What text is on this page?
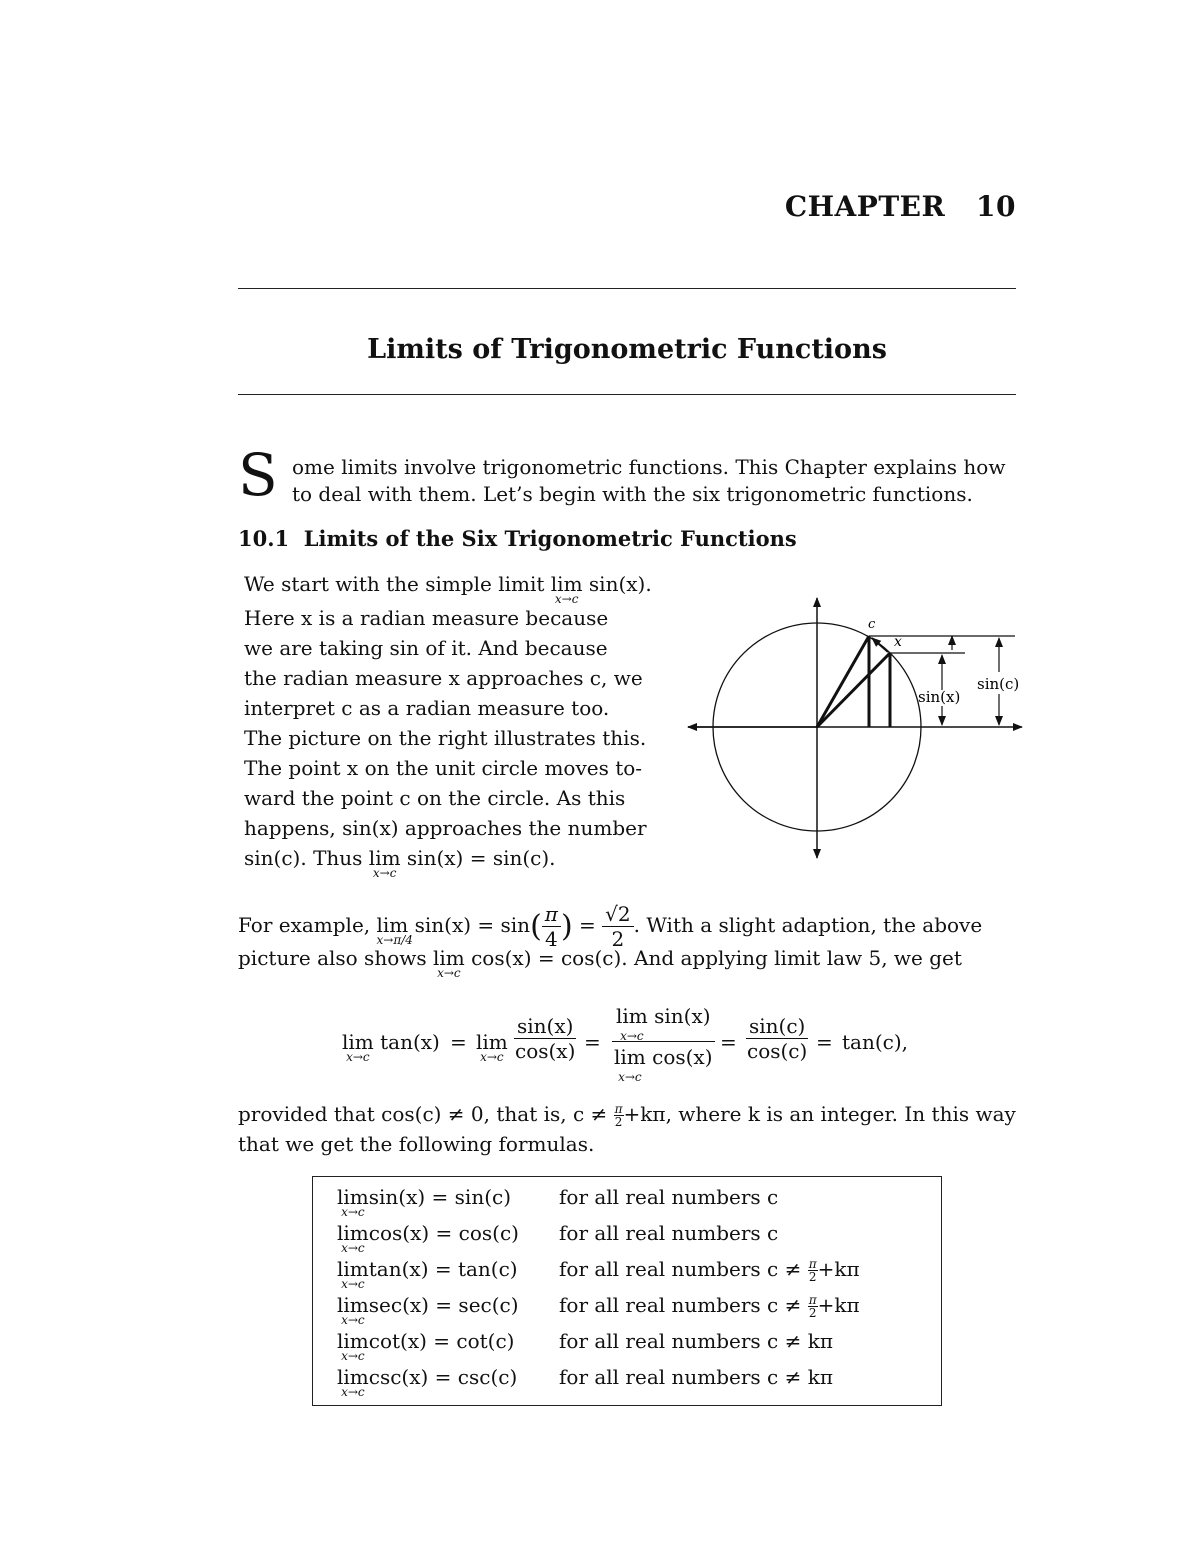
CHAPTER 10
Limits of Trigonometric Functions
S ome limits involve trigonometric functions. This Chapter explains how
to deal with them. Let’s begin with the six trigonometric functions.
10.1 Limits of the Six Trigonometric Functions
We start with the simple limit lim
x→c
sin(x).
Here x is a radian measure because
we are taking sin of it. And because
the radian measure x approaches c, we
interpret c as a radian measure too.
The picture on the right illustrates this.
The point x on the unit circle moves to-
ward the point c on the circle. As this
happens, sin(x) approaches the number
sin(c). Thus lim
x→c
sin(x) = sin(c).
c
x
sin(x)
sin(c)
For example, lim
x→π/4
$\sin(x) = \sin( \frac{\pi}{4}$ ) = $\frac{√2}{2}$ . With a slight adaption, the above
picture also shows lim
x→c
cos(x) = cos(c). And applying limit law 5, we get
lim
x→c
tan(x) = lim
$x\to c \frac{\sin(x)}{\cos(x)} = \lim$
x→c
sin(x)
lim
x→c
$\cos(x) = \frac{\sin(c)}{\cos(c)} = \tan(c)$,
provided that cos(c) ≠ 0, that is, $c \ne \frac{\pi}{2} +k\pi$, where k is an integer. In this way
that we get the following formulas.
lim
x→c
sin(x) = sin(c) for all real numbers c
lim
x→c
cos(x) = cos(c) for all real numbers c
lim
x→c
tan(x) = tan(c) for all real numbers $c \ne \frac{\pi}{2} +k\pi$
lim
x→c
sec(x) = sec(c) for all real numbers $c \ne \frac{\pi}{2} +k\pi$
lim
x→c
cot(x) = cot(c) for all real numbers c ≠ kπ
lim
x→c
csc(x) = csc(c) for all real numbers c ≠ kπ
